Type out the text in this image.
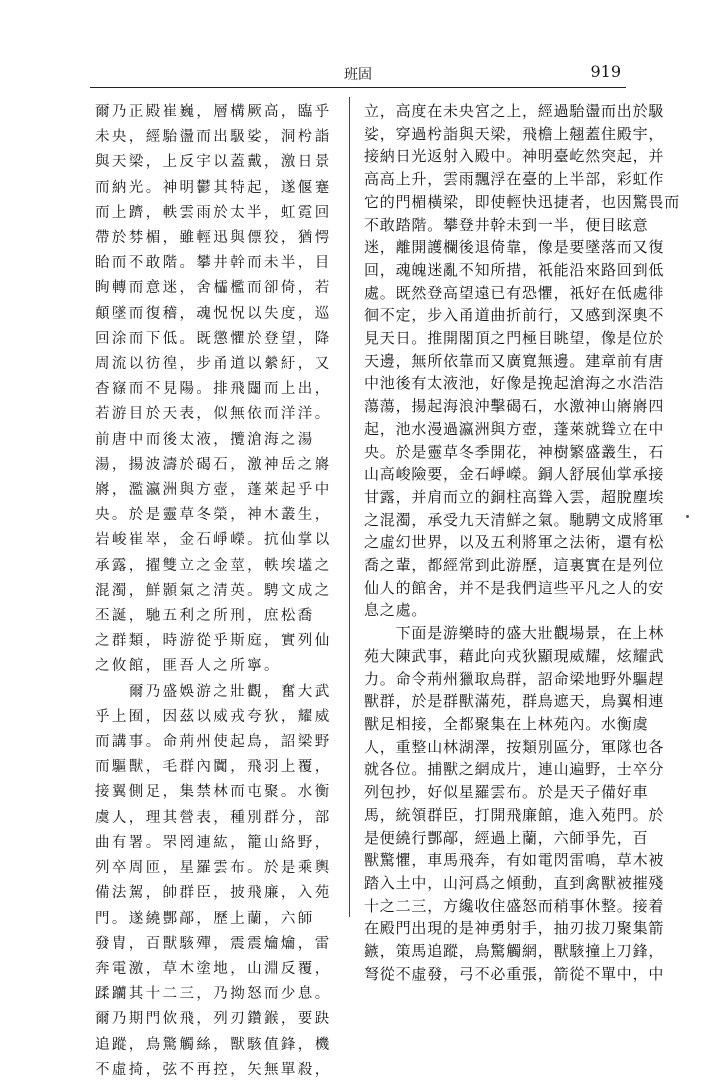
班固	919

爾乃正殿崔巍，層構厥高，臨乎

未央，經駘盪而出馺娑，洞枍詣

與天梁，上反宇以蓋戴，激日景

而納光。神明鬱其特起，遂偃蹇

而上躋，軼雲雨於太半，虹霓回

帶於棼楣，雖輕迅與僄狡，猶愕

眙而不敢階。攀井幹而未半，目

眴轉而意迷，舍櫺檻而卻倚，若

顛墜而復稽，魂怳怳以失度，巡

回涂而下低。既懲懼於登望，降

周流以彷徨，步甬道以縈紆，又

杳窱而不見陽。排飛闥而上出，

若游目於天表，似無依而洋洋。

前唐中而後太液，攬滄海之湯

湯，揚波濤於碣石，激神岳之嶈

嶈，濫瀛洲與方壺，蓬萊起乎中

央。於是靈草冬榮，神木叢生，

岩峻崔崒，金石崢嶸。抗仙掌以

承露，擢雙立之金莖，軼埃壒之

混濁，鮮顥氣之清英。騁文成之

丕誕，馳五利之所刑，庶松喬

之群類，時游從乎斯庭，實列仙

之攸館，匪吾人之所寧。

　　爾乃盛娛游之壯觀，奮大武

乎上囿，因茲以威戎夸狄，耀威

而講事。命荊州使起鳥，詔梁野

而驅獸，毛群內闐，飛羽上覆，

接翼側足，集禁林而屯聚。水衡

虞人，理其營表，種別群分，部

曲有署。罘罔連紘，籠山絡野，

列卒周匝，星羅雲布。於是乘輿

備法駕，帥群臣，披飛廉，入苑

門。遂繞酆鄗，歷上蘭，六師

發胄，百獸駭殫，震震爚爚，雷

奔電激，草木塗地，山淵反覆，

蹂躪其十二三，乃拗怒而少息。

爾乃期門佽飛，列刃鑽鍭，要趹

追蹤，鳥驚觸絲，獸駭值鋒，機

不虛掎，弦不再控，矢無單殺，

立，高度在未央宮之上，經過駘盪而出於馺

娑，穿過枍詣與天梁，飛檐上翹蓋住殿宇，

接納日光返射入殿中。神明臺屹然突起，并

高高上升，雲雨飄浮在臺的上半部，彩虹作

它的門楣橫梁，即使輕快迅捷者，也因驚畏而

不敢踏階。攀登井幹未到一半，便目眩意

迷，離開護欄後退倚靠，像是要墜落而又復

回，魂魄迷亂不知所措，祇能沿來路回到低

處。既然登高望遠已有恐懼，祇好在低處徘

徊不定，步入甬道曲折前行，又感到深奧不

見天日。推開閣頂之門極目眺望，像是位於

天邊，無所依靠而又廣寬無邊。建章前有唐

中池後有太液池，好像是挽起滄海之水浩浩

蕩蕩，揚起海浪沖擊碣石，水激神山嶈嶈四

起，池水漫過瀛洲與方壺，蓬萊就聳立在中

央。於是靈草冬季開花，神樹繁盛叢生，石

山高峻險要，金石崢嶸。銅人舒展仙掌承接

甘露，并肩而立的銅柱高聳入雲，超脫塵埃

之混濁，承受九天清鮮之氣。馳騁文成將軍

之虛幻世界，以及五利將軍之法術，還有松

喬之輩，都經常到此游歷，這裏實在是列位

仙人的館舍，并不是我們這些平凡之人的安

息之處。

　　下面是游樂時的盛大壯觀場景，在上林

苑大陳武事，藉此向戎狄顯現威耀，炫耀武

力。命令荊州獵取鳥群，詔命梁地野外驅趕

獸群，於是群獸滿苑，群鳥遮天，鳥翼相連

獸足相接，全都聚集在上林苑內。水衡虞

人，重整山林湖澤，按類別區分，軍隊也各

就各位。捕獸之網成片，連山遍野，士卒分

列包抄，好似星羅雲布。於是天子備好車

馬，統領群臣，打開飛廉館，進入苑門。於

是便繞行酆鄗，經過上蘭，六師爭先，百

獸驚懼，車馬飛奔，有如電閃雷鳴，草木被

踏入土中，山河爲之傾動，直到禽獸被摧殘

十之二三，方纔收住盛怒而稍事休整。接着

在殿門出現的是神勇射手，抽刃拔刀聚集箭

鏃，策馬追蹤，鳥驚觸網，獸駭撞上刀鋒，

弩從不虛發，弓不必重張，箭從不單中，中
